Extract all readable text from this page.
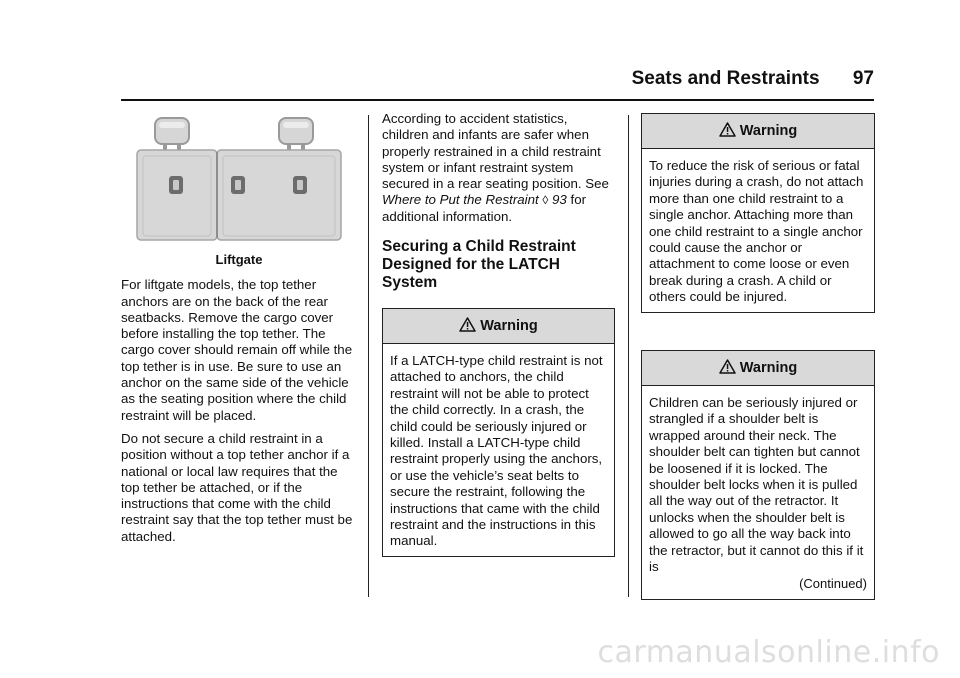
Seats and Restraints 97
Liftgate

For liftgate models, the top tether anchors are on the back of the rear seatbacks. Remove the cargo cover before installing the top tether. The cargo cover should remain off while the top tether is in use. Be sure to use an anchor on the same side of the vehicle as the seating position where the child restraint will be placed.

Do not secure a child restraint in a position without a top tether anchor if a national or local law requires that the top tether be attached, or if the instructions that come with the child restraint say that the top tether must be attached.

According to accident statistics, children and infants are safer when properly restrained in a child restraint system or infant restraint system secured in a rear seating position. See Where to Put the Restraint ◊ 93 for additional information.

Securing a Child Restraint Designed for the LATCH System
Warning
If a LATCH-type child restraint is not attached to anchors, the child restraint will not be able to protect the child correctly. In a crash, the child could be seriously injured or killed. Install a LATCH-type child restraint properly using the anchors, or use the vehicle’s seat belts to secure the restraint, following the instructions that came with the child restraint and the instructions in this manual.
Warning
To reduce the risk of serious or fatal injuries during a crash, do not attach more than one child restraint to a single anchor. Attaching more than one child restraint to a single anchor could cause the anchor or attachment to come loose or even break during a crash. A child or others could be injured.
Warning
Children can be seriously injured or strangled if a shoulder belt is wrapped around their neck. The shoulder belt can tighten but cannot be loosened if it is locked. The shoulder belt locks when it is pulled all the way out of the retractor. It unlocks when the shoulder belt is allowed to go all the way back into the retractor, but it cannot do this if it is
(Continued)
carmanualsonline.info
